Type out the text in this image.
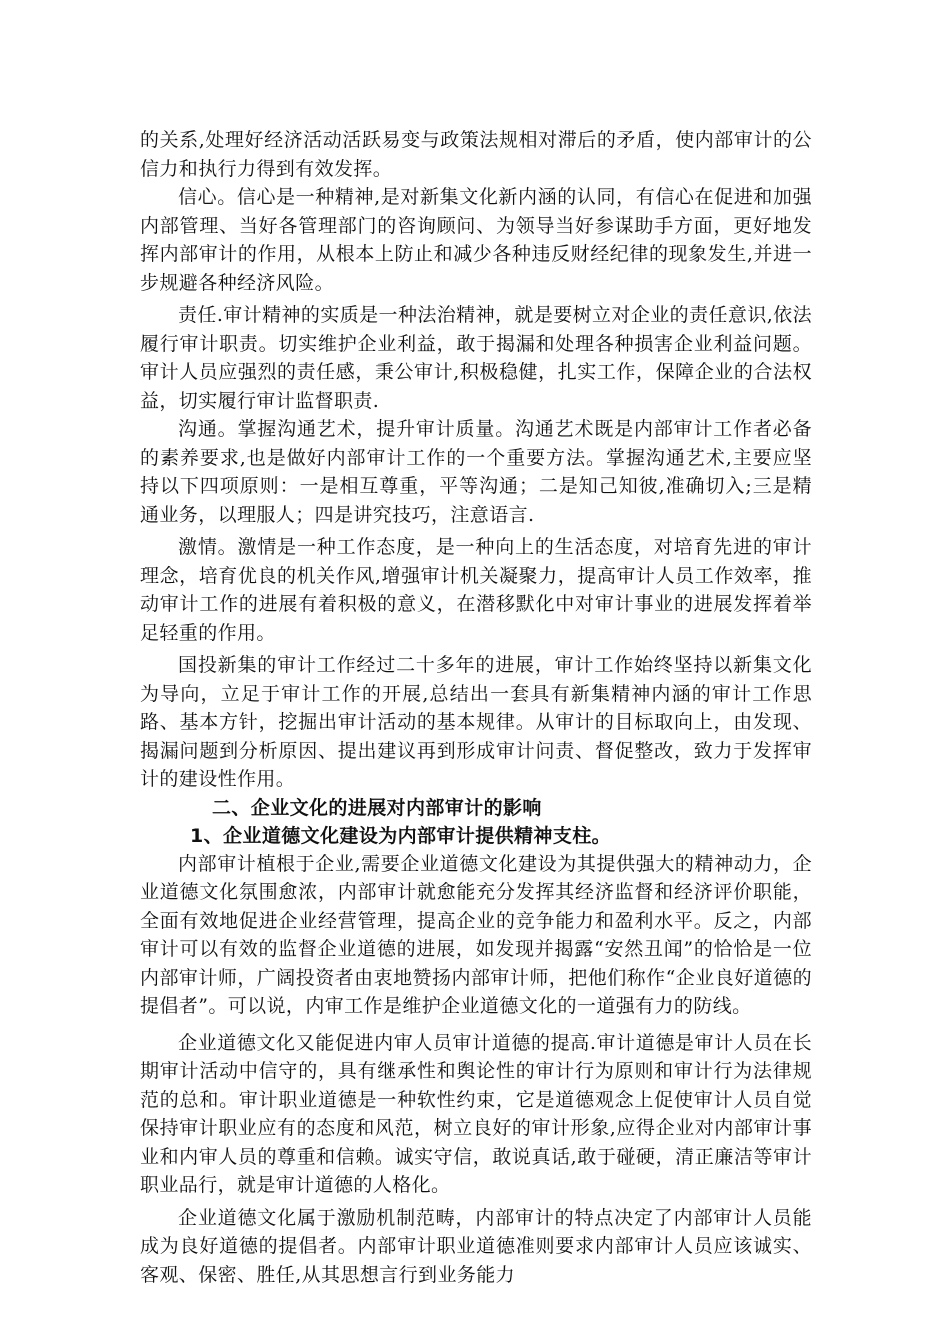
的关系,处理好经济活动活跃易变与政策法规相对滞后的矛盾，使内部审计的公信力和执行力得到有效发挥。

信心。信心是一种精神,是对新集文化新内涵的认同，有信心在促进和加强内部管理、当好各管理部门的咨询顾问、为领导当好参谋助手方面，更好地发挥内部审计的作用，从根本上防止和减少各种违反财经纪律的现象发生,并进一步规避各种经济风险。

责任.审计精神的实质是一种法治精神，就是要树立对企业的责任意识,依法履行审计职责。切实维护企业利益，敢于揭漏和处理各种损害企业利益问题。审计人员应强烈的责任感，秉公审计,积极稳健，扎实工作，保障企业的合法权益，切实履行审计监督职责.

沟通。掌握沟通艺术，提升审计质量。沟通艺术既是内部审计工作者必备的素养要求,也是做好内部审计工作的一个重要方法。掌握沟通艺术,主要应坚持以下四项原则：一是相互尊重，平等沟通；二是知己知彼,准确切入;三是精通业务，以理服人；四是讲究技巧，注意语言.

激情。激情是一种工作态度，是一种向上的生活态度，对培育先进的审计理念，培育优良的机关作风,增强审计机关凝聚力，提高审计人员工作效率，推动审计工作的进展有着积极的意义，在潜移默化中对审计事业的进展发挥着举足轻重的作用。

国投新集的审计工作经过二十多年的进展，审计工作始终坚持以新集文化为导向，立足于审计工作的开展,总结出一套具有新集精神内涵的审计工作思路、基本方针，挖掘出审计活动的基本规律。从审计的目标取向上，由发现、揭漏问题到分析原因、提出建议再到形成审计问责、督促整改，致力于发挥审计的建设性作用。

二、企业文化的进展对内部审计的影响
1、企业道德文化建设为内部审计提供精神支柱。

内部审计植根于企业,需要企业道德文化建设为其提供强大的精神动力，企业道德文化氛围愈浓，内部审计就愈能充分发挥其经济监督和经济评价职能，全面有效地促进企业经营管理，提高企业的竞争能力和盈利水平。反之，内部审计可以有效的监督企业道德的进展，如发现并揭露“安然丑闻”的恰恰是一位内部审计师，广阔投资者由衷地赞扬内部审计师，把他们称作“企业良好道德的提倡者”。可以说，内审工作是维护企业道德文化的一道强有力的防线。

企业道德文化又能促进内审人员审计道德的提高.审计道德是审计人员在长期审计活动中信守的，具有继承性和舆论性的审计行为原则和审计行为法律规范的总和。审计职业道德是一种软性约束，它是道德观念上促使审计人员自觉保持审计职业应有的态度和风范，树立良好的审计形象,应得企业对内部审计事业和内审人员的尊重和信赖。诚实守信，敢说真话,敢于碰硬，清正廉洁等审计职业品行，就是审计道德的人格化。

企业道德文化属于激励机制范畴，内部审计的特点决定了内部审计人员能成为良好道德的提倡者。内部审计职业道德准则要求内部审计人员应该诚实、客观、保密、胜任,从其思想言行到业务能力
